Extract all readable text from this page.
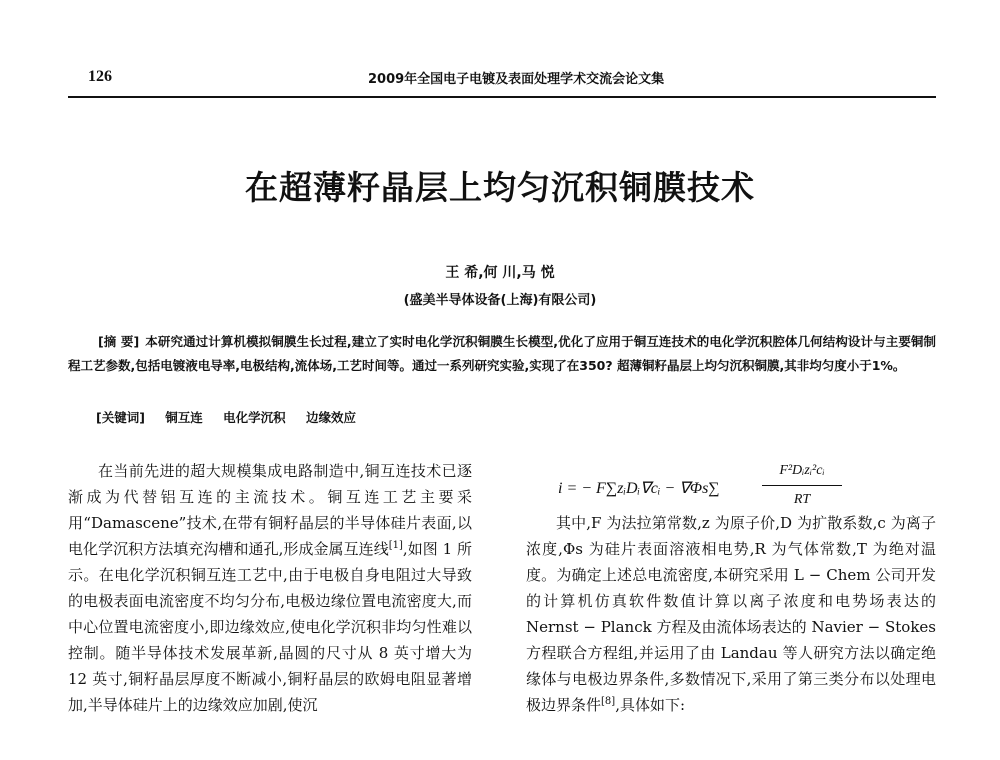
126	2009年全国电子电镀及表面处理学术交流会论文集
在超薄籽晶层上均匀沉积铜膜技术
王 希,何 川,马 悦
(盛美半导体设备(上海)有限公司)
[摘 要] 本研究通过计算机模拟铜膜生长过程,建立了实时电化学沉积铜膜生长模型,优化了应用于铜互连技术的电化学沉积腔体几何结构设计与主要铜制程工艺参数,包括电镀液电导率,电极结构,流体场,工艺时间等。通过一系列研究实验,实现了在350? 超薄铜籽晶层上均匀沉积铜膜,其非均匀度小于1%。
[关键词] 铜互连 电化学沉积 边缘效应
在当前先进的超大规模集成电路制造中,铜互连技术已逐渐成为代替铝互连的主流技术。铜互连工艺主要采用“Damascene”技术,在带有铜籽晶层的半导体硅片表面,以电化学沉积方法填充沟槽和通孔,形成金属互连线[1],如图 1 所示。在电化学沉积铜互连工艺中,由于电极自身电阻过大导致的电极表面电流密度不均匀分布,电极边缘位置电流密度大,而中心位置电流密度小,即边缘效应,使电化学沉积非均匀性难以控制。随半导体技术发展革新,晶圆的尺寸从 8 英寸增大为 12 英寸,铜籽晶层厚度不断减小,铜籽晶层的欧姆电阻显著增加,半导体硅片上的边缘效应加剧,使沉
i = − F∑zᵢDᵢ∇cᵢ − ∇Φs∑
F²Dᵢzᵢ²cᵢ
RT
其中,F 为法拉第常数,z 为原子价,D 为扩散系数,c 为离子浓度,Φs 为硅片表面溶液相电势,R 为气体常数,T 为绝对温度。为确定上述总电流密度,本研究采用 L − Chem 公司开发的计算机仿真软件数值计算以离子浓度和电势场表达的 Nernst − Planck 方程及由流体场表达的 Navier − Stokes 方程联合方程组,并运用了由 Landau 等人研究方法以确定绝缘体与电极边界条件,多数情况下,采用了第三类分布以处理电极边界条件[8],具体如下:
